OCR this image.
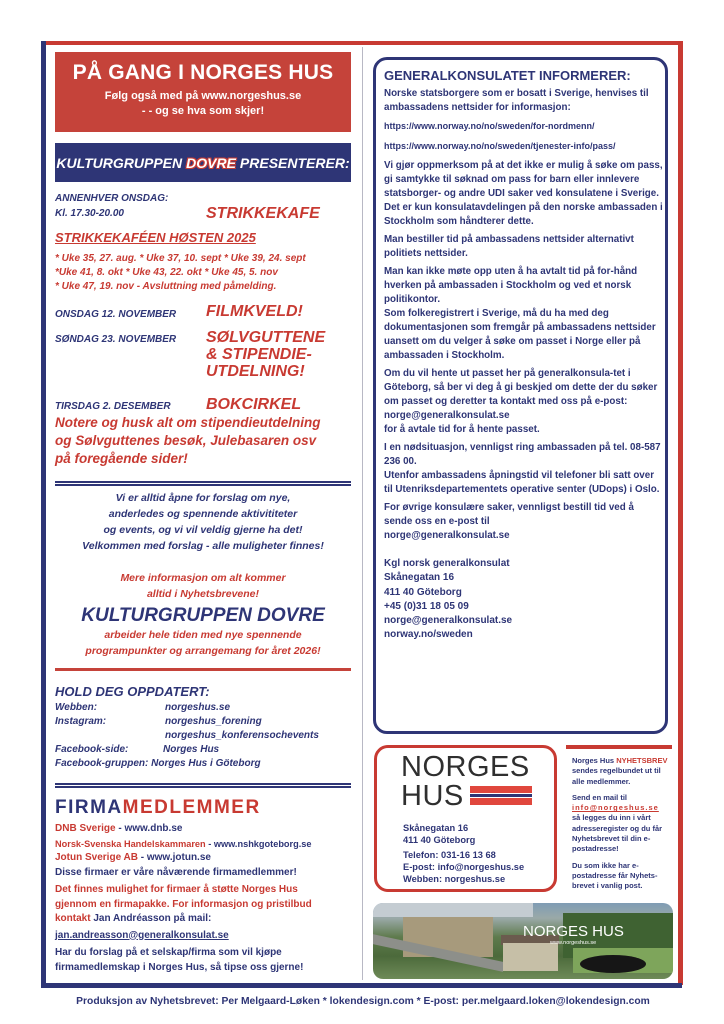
PÅ GANG I NORGES HUS
Følg også med på www.norgeshus.se
- - og se hva som skjer!
KULTURGRUPPEN DOVRE PRESENTERER:
ANNENHVER ONSDAG:
Kl. 17.30-20.00	STRIKKEKAFE
STRIKKEKAFÉEN HØSTEN 2025
* Uke 35, 27. aug. * Uke 37, 10. sept * Uke 39, 24. sept
*Uke 41, 8. okt * Uke 43, 22. okt * Uke 45, 5. nov
* Uke 47, 19. nov - Avsluttning med påmelding.
ONSDAG 12. NOVEMBER FILMKVELD!
SØNDAG 23. NOVEMBER SØLVGUTTENE
& STIPENDIE-
UTDELNING!
TIRSDAG 2. DESEMBER BOKCIRKEL
Notere og husk alt om stipendieutdelning
og Sølvguttenes besøk, Julebasaren osv
på foregående sider!
Vi er alltid åpne for forslag om nye,
anderledes og spennende aktivititeter
og events, og vi vil veldig gjerne ha det!
Velkommen med forslag - alle muligheter finnes!
Mere informasjon om alt kommer
alltid i Nyhetsbrevene!
KULTURGRUPPEN DOVRE
arbeider hele tiden med nye spennende
programpunkter og arrangemang for året 2026!
HOLD DEG OPPDATERT:
Webben:	norgeshus.se
Instagram:	norgeshus_forening
norgeshus_konferensochevents
Facebook-side:	Norges Hus
Facebook-gruppen:
Norges Hus i Göteborg
FIRMAMEDLEMMER
DNB Sverige - www.dnb.se
Norsk-Svenska Handelskammaren - www.nshkgoteborg.se
Jotun Sverige AB - www.jotun.se
Disse firmaer er våre nåværende firmamedlemmer!
Det finnes mulighet for firmaer å støtte Norges Hus
gjennom en firmapakke. For informasjon og pristilbud
kontakt Jan Andréasson på mail:
jan.andreasson@generalkonsulat.se
Har du forslag på et selskap/firma som vil kjøpe
firmamedlemskap i Norges Hus, så tipse oss gjerne!
GENERALKONSULATET INFORMERER:
Norske statsborgere som er bosatt i Sverige, henvises til ambassadens nettsider for informasjon:
https://www.norway.no/no/sweden/for-nordmenn/
https://www.norway.no/no/sweden/tjenester-info/pass/
Vi gjør oppmerksom på at det ikke er mulig å søke om pass, gi samtykke til søknad om pass for barn eller innlevere statsborger- og andre UDI saker ved konsulatene i Sverige.
Det er kun konsulatavdelingen på den norske ambassaden i Stockholm som håndterer dette.
Man bestiller tid på ambassadens nettsider alternativt politiets nettsider.
Man kan ikke møte opp uten å ha avtalt tid på for-hånd hverken på ambassaden i Stockholm og ved et norsk politikontor.
Som folkeregistrert i Sverige, må du ha med deg dokumentasjonen som fremgår på ambassadens nettsider uansett om du velger å søke om passet i Norge eller på ambassaden i Stockholm.
Om du vil hente ut passet her på generalkonsula-tet i Göteborg, så ber vi deg å gi beskjed om dette der du søker om passet og deretter ta kontakt med oss på e-post:
norge@generalkonsulat.se
for å avtale tid for å hente passet.
I en nødsituasjon, vennligst ring ambassaden på tel. 08-587 236 00.
Utenfor ambassadens åpningstid vil telefoner bli satt over til Utenriksdepartementets operative senter (UDops) i Oslo.
For øvrige konsulære saker, vennligst bestill tid ved å sende oss en e-post til
norge@generalkonsulat.se
Kgl norsk generalkonsulat
Skånegatan 16
411 40 Göteborg
+45 (0)31 18 05 09
norge@generalkonsulat.se
norway.no/sweden
NORGES
HUS
Skånegatan 16
411 40 Göteborg
Telefon: 031-16 13 68
E-post: info@norgeshus.se
Webben: norgeshus.se

Norges Hus NYHETSBREV sendes regelbundet ut til alle medlemmer.

Send en mail til
info@norgeshus.se
så legges du inn i vårt adresseregister og du får Nyhetsbrevet til din e-postadresse!

Du som ikke har e-postadresse får Nyhets-brevet i vanlig post.

NORGES HUS
www.norgeshus.se
Produksjon av Nyhetsbrevet: Per Melgaard-Løken * lokendesign.com * E-post: per.melgaard.loken@lokendesign.com
